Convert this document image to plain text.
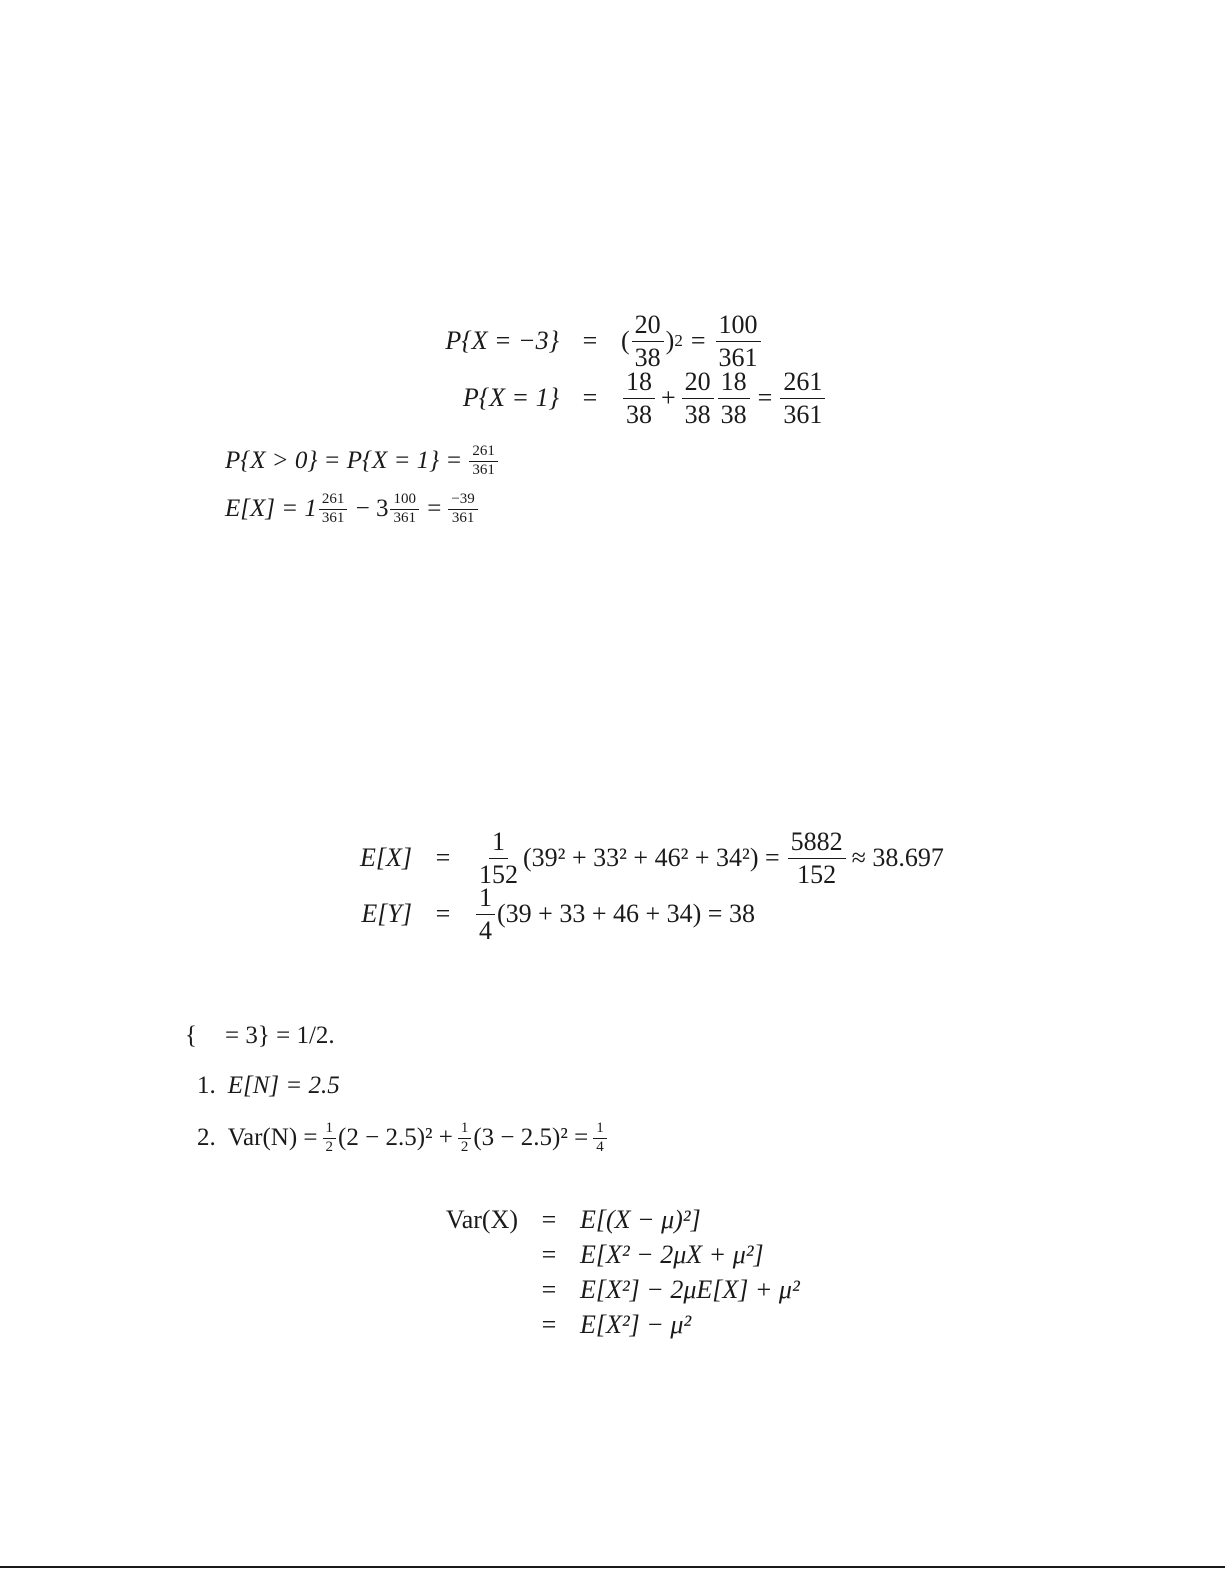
P{X = −3} = ( $\frac{20}{38}$ ) $2 = \frac{100}{361}$
$P\{X = 1\} = \frac{18}{38} + \frac{20}{38} \frac{18}{38} = \frac{261}{361}$
$P\{X > 0\} = P\{X = 1\} = \frac{261}{361}$
$E[X] = 1 \frac{261}{361} - 3 \frac{100}{361} = \frac{-39}{361}$
$E[X] = \frac{1}{152} (39^2 + 33^2 + 46^2 + 34^2) = \frac{5882}{152} \approx 38.697$
$E[Y] = \frac{1}{4} (39 + 33 + 46 + 34) = 38$
{ = 3} = 1/2.
1. E[N] = 2.5
2. $Var(N) = \frac{1}{2} (2 - 2.5)^2 + \frac{1}{2} (3 - 2.5)^2 = \frac{1}{4}$
Var(X) = E[(X − μ)²]
= E[X² − 2μX + μ²]
= E[X²] − 2μE[X] + μ²
= E[X²] − μ²
